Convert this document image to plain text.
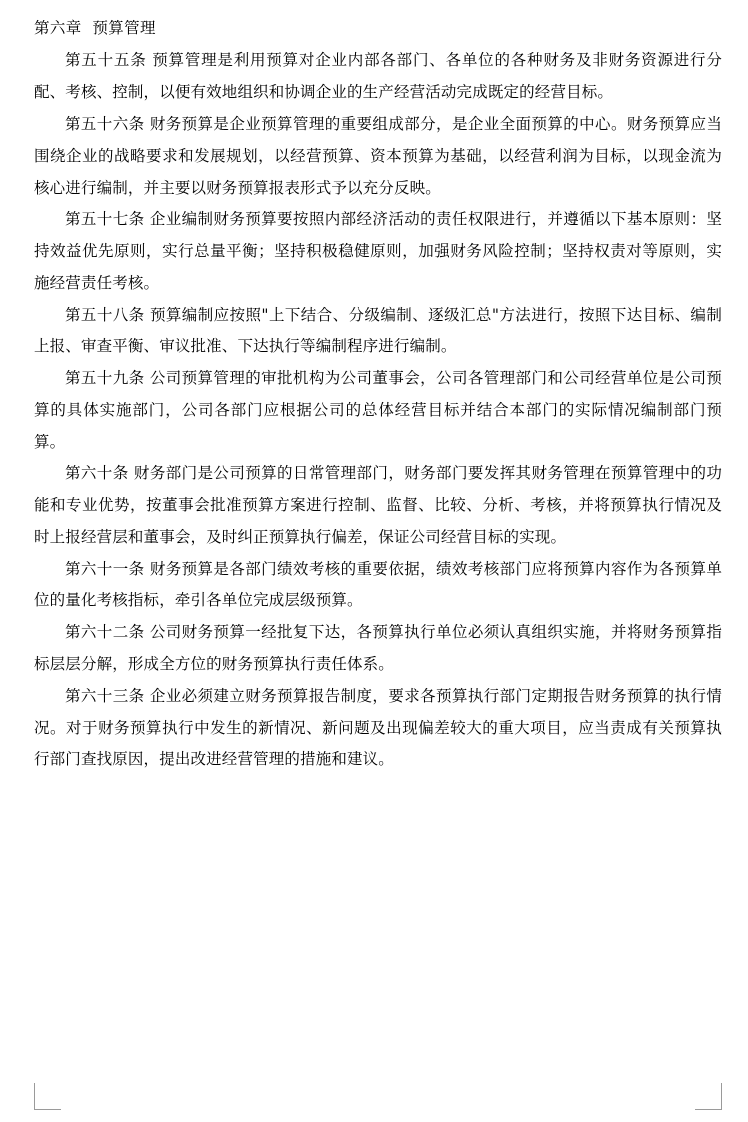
第六章  预算管理

第五十五条 预算管理是利用预算对企业内部各部门、各单位的各种财务及非财务资源进行分配、考核、控制，以便有效地组织和协调企业的生产经营活动完成既定的经营目标。

第五十六条 财务预算是企业预算管理的重要组成部分，是企业全面预算的中心。财务预算应当围绕企业的战略要求和发展规划，以经营预算、资本预算为基础，以经营利润为目标，以现金流为核心进行编制，并主要以财务预算报表形式予以充分反映。

第五十七条 企业编制财务预算要按照内部经济活动的责任权限进行，并遵循以下基本原则：坚持效益优先原则，实行总量平衡；坚持积极稳健原则，加强财务风险控制；坚持权责对等原则，实施经营责任考核。

第五十八条 预算编制应按照"上下结合、分级编制、逐级汇总"方法进行，按照下达目标、编制上报、审查平衡、审议批准、下达执行等编制程序进行编制。

第五十九条 公司预算管理的审批机构为公司董事会，公司各管理部门和公司经营单位是公司预算的具体实施部门，公司各部门应根据公司的总体经营目标并结合本部门的实际情况编制部门预算。

第六十条 财务部门是公司预算的日常管理部门，财务部门要发挥其财务管理在预算管理中的功能和专业优势，按董事会批准预算方案进行控制、监督、比较、分析、考核，并将预算执行情况及时上报经营层和董事会，及时纠正预算执行偏差，保证公司经营目标的实现。

第六十一条 财务预算是各部门绩效考核的重要依据，绩效考核部门应将预算内容作为各预算单位的量化考核指标，牵引各单位完成层级预算。

第六十二条 公司财务预算一经批复下达，各预算执行单位必须认真组织实施，并将财务预算指标层层分解，形成全方位的财务预算执行责任体系。

第六十三条 企业必须建立财务预算报告制度，要求各预算执行部门定期报告财务预算的执行情况。对于财务预算执行中发生的新情况、新问题及出现偏差较大的重大项目，应当责成有关预算执行部门查找原因，提出改进经营管理的措施和建议。
